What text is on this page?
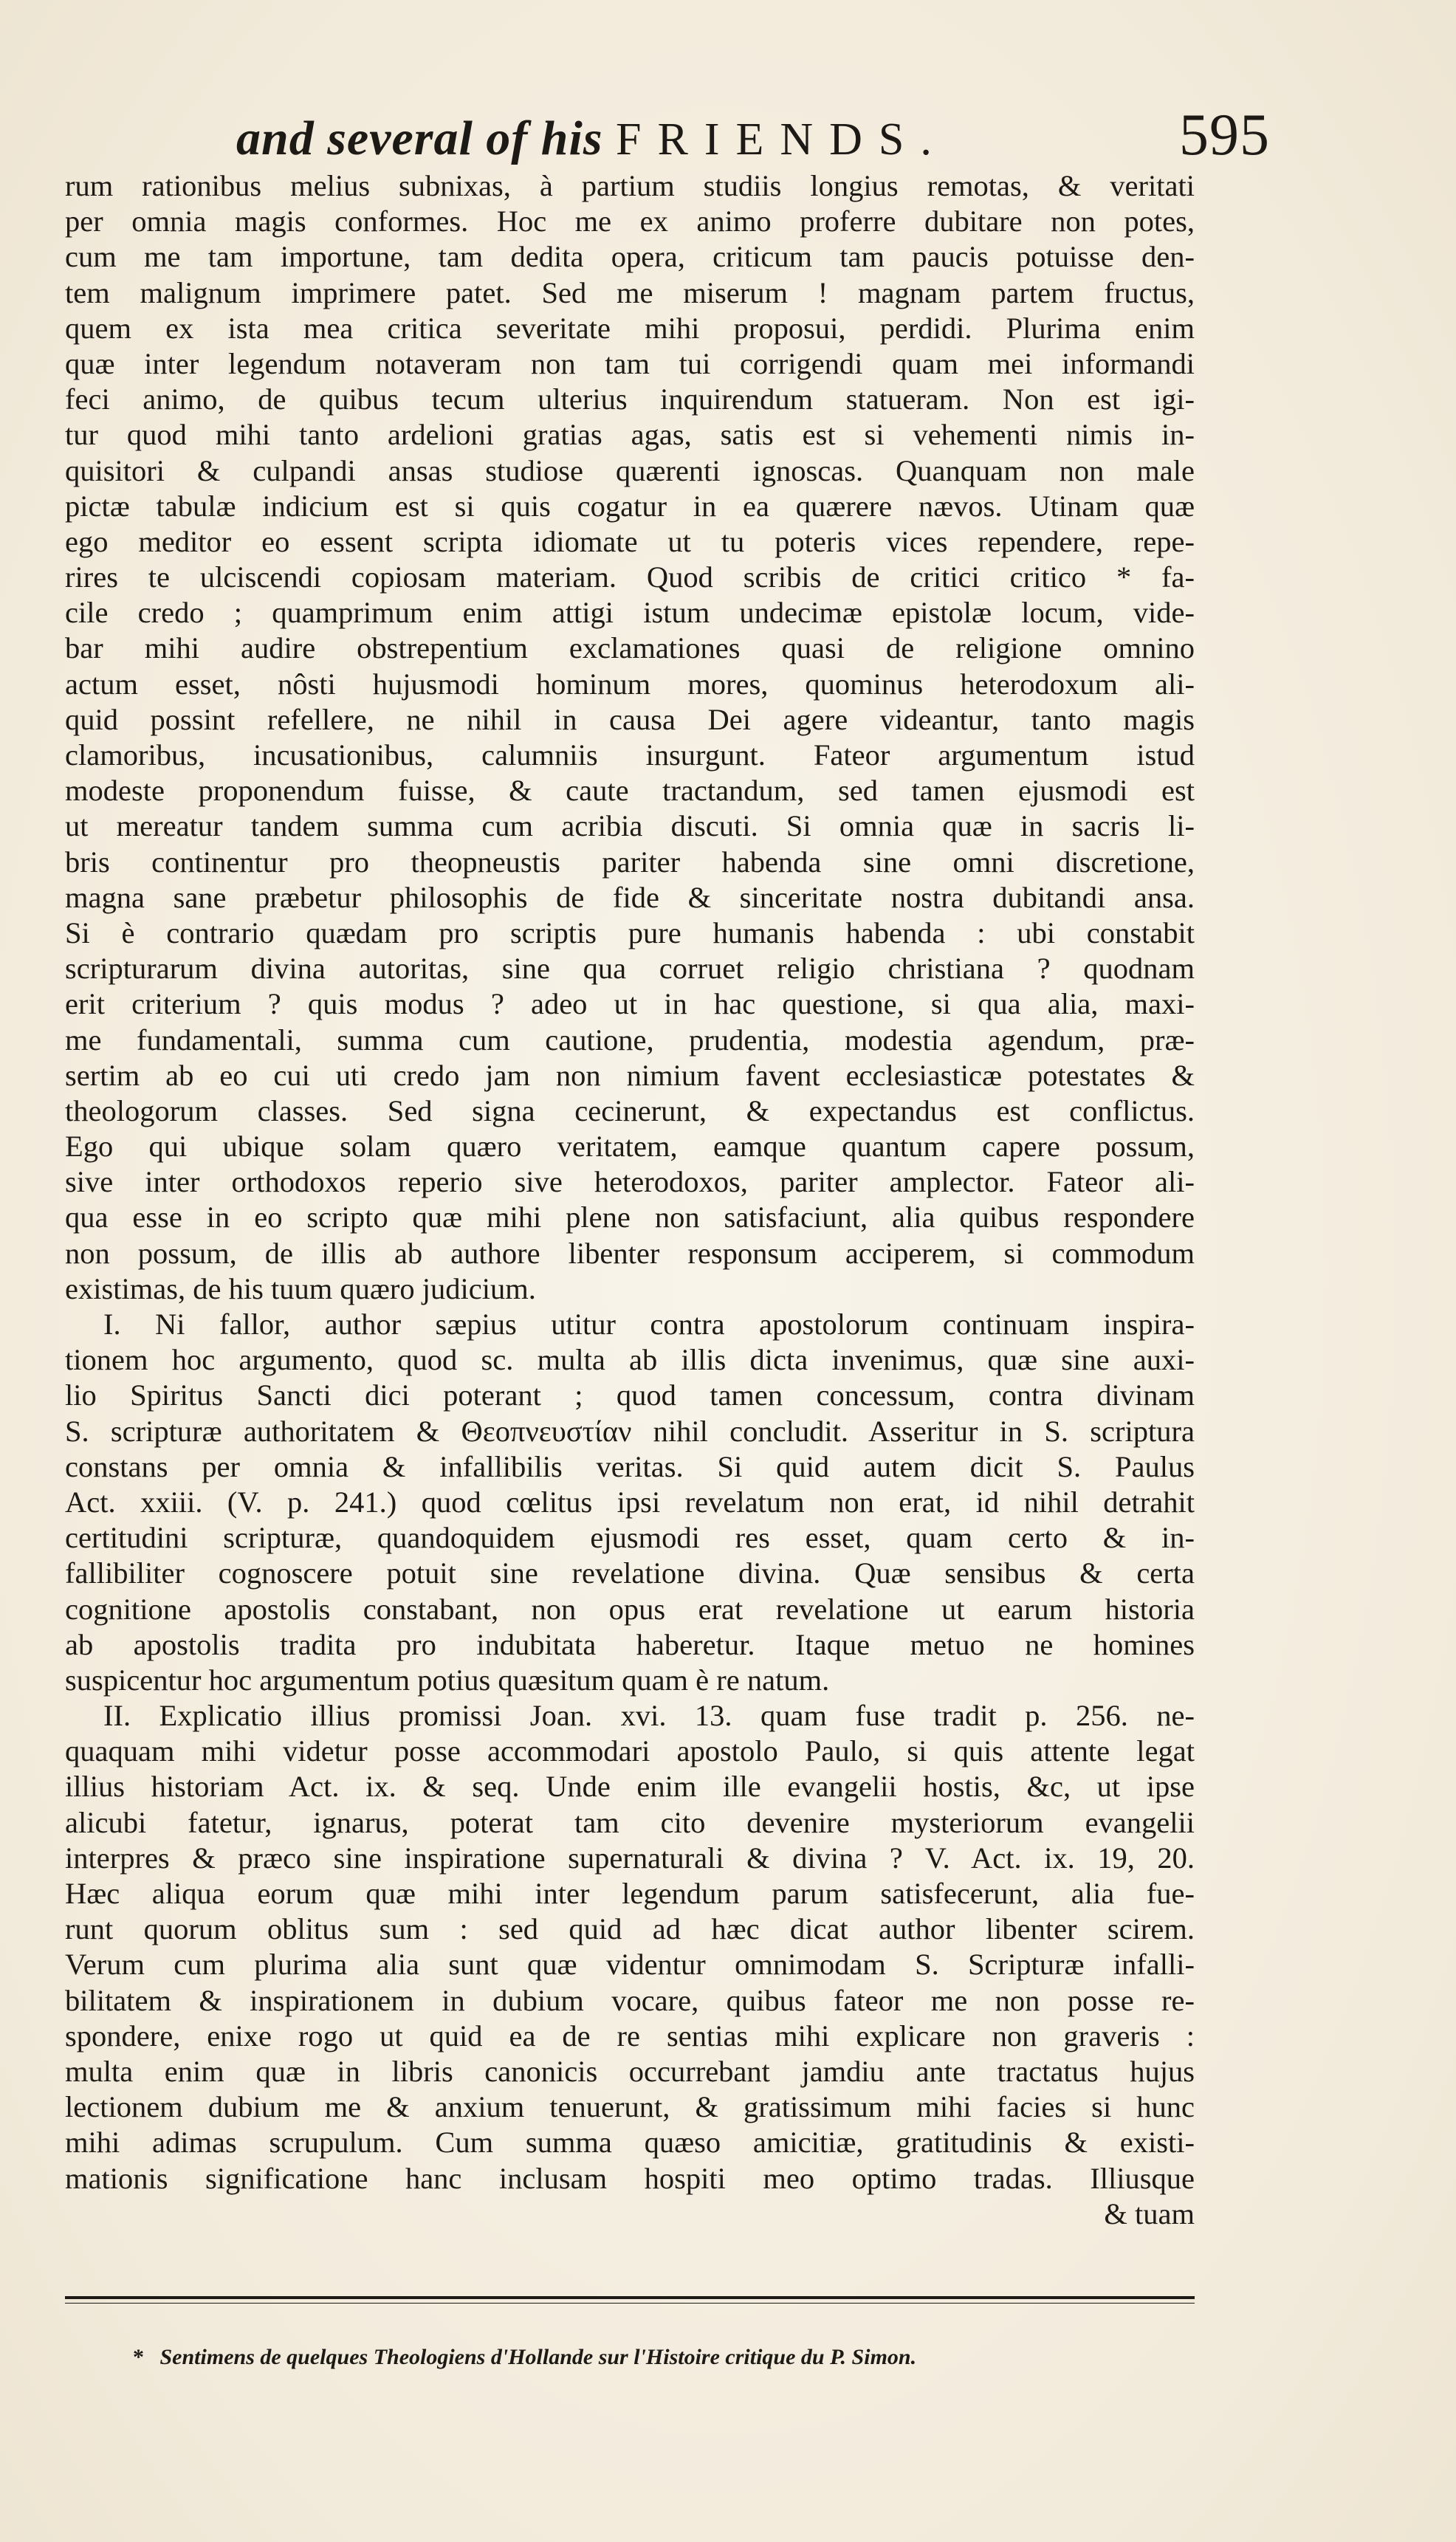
and several of his FRIENDS.	595
rum rationibus melius subnixas, à partium studiis longius remotas, & veritati
per omnia magis conformes. Hoc me ex animo proferre dubitare non potes,
cum me tam importune, tam dedita opera, criticum tam paucis potuisse den-
tem malignum imprimere patet. Sed me miserum ! magnam partem fructus,
quem ex ista mea critica severitate mihi proposui, perdidi. Plurima enim
quæ inter legendum notaveram non tam tui corrigendi quam mei informandi
feci animo, de quibus tecum ulterius inquirendum statueram. Non est igi-
tur quod mihi tanto ardelioni gratias agas, satis est si vehementi nimis in-
quisitori & culpandi ansas studiose quærenti ignoscas. Quanquam non male
pictæ tabulæ indicium est si quis cogatur in ea quærere nævos. Utinam quæ
ego meditor eo essent scripta idiomate ut tu poteris vices rependere, repe-
rires te ulciscendi copiosam materiam. Quod scribis de critici critico * fa-
cile credo ; quamprimum enim attigi istum undecimæ epistolæ locum, vide-
bar mihi audire obstrepentium exclamationes quasi de religione omnino
actum esset, nôsti hujusmodi hominum mores, quominus heterodoxum ali-
quid possint refellere, ne nihil in causa Dei agere videantur, tanto magis
clamoribus, incusationibus, calumniis insurgunt. Fateor argumentum istud
modeste proponendum fuisse, & caute tractandum, sed tamen ejusmodi est
ut mereatur tandem summa cum acribia discuti. Si omnia quæ in sacris li-
bris continentur pro theopneustis pariter habenda sine omni discretione,
magna sane præbetur philosophis de fide & sinceritate nostra dubitandi ansa.
Si è contrario quædam pro scriptis pure humanis habenda : ubi constabit
scripturarum divina autoritas, sine qua corruet religio christiana ? quodnam
erit criterium ? quis modus ? adeo ut in hac questione, si qua alia, maxi-
me fundamentali, summa cum cautione, prudentia, modestia agendum, præ-
sertim ab eo cui uti credo jam non nimium favent ecclesiasticæ potestates &
theologorum classes. Sed signa cecinerunt, & expectandus est conflictus.
Ego qui ubique solam quæro veritatem, eamque quantum capere possum,
sive inter orthodoxos reperio sive heterodoxos, pariter amplector. Fateor ali-
qua esse in eo scripto quæ mihi plene non satisfaciunt, alia quibus respondere
non possum, de illis ab authore libenter responsum acciperem, si commodum
existimas, de his tuum quæro judicium.
I. Ni fallor, author sæpius utitur contra apostolorum continuam inspira-
tionem hoc argumento, quod sc. multa ab illis dicta invenimus, quæ sine auxi-
lio Spiritus Sancti dici poterant ; quod tamen concessum, contra divinam
S. scripturæ authoritatem & Θεοπνευστίαν nihil concludit. Asseritur in S. scriptura
constans per omnia & infallibilis veritas. Si quid autem dicit S. Paulus
Act. xxiii. (V. p. 241.) quod cœlitus ipsi revelatum non erat, id nihil detrahit
certitudini scripturæ, quandoquidem ejusmodi res esset, quam certo & in-
fallibiliter cognoscere potuit sine revelatione divina. Quæ sensibus & certa
cognitione apostolis constabant, non opus erat revelatione ut earum historia
ab apostolis tradita pro indubitata haberetur. Itaque metuo ne homines
suspicentur hoc argumentum potius quæsitum quam è re natum.
II. Explicatio illius promissi Joan. xvi. 13. quam fuse tradit p. 256. ne-
quaquam mihi videtur posse accommodari apostolo Paulo, si quis attente legat
illius historiam Act. ix. & seq. Unde enim ille evangelii hostis, &c, ut ipse
alicubi fatetur, ignarus, poterat tam cito devenire mysteriorum evangelii
interpres & præco sine inspiratione supernaturali & divina ? V. Act. ix. 19, 20.
Hæc aliqua eorum quæ mihi inter legendum parum satisfecerunt, alia fue-
runt quorum oblitus sum : sed quid ad hæc dicat author libenter scirem.
Verum cum plurima alia sunt quæ videntur omnimodam S. Scripturæ infalli-
bilitatem & inspirationem in dubium vocare, quibus fateor me non posse re-
spondere, enixe rogo ut quid ea de re sentias mihi explicare non graveris :
multa enim quæ in libris canonicis occurrebant jamdiu ante tractatus hujus
lectionem dubium me & anxium tenuerunt, & gratissimum mihi facies si hunc
mihi adimas scrupulum. Cum summa quæso amicitiæ, gratitudinis & existi-
mationis significatione hanc inclusam hospiti meo optimo tradas. Illiusque
& tuam
* Sentimens de quelques Theologiens d'Hollande sur l'Histoire critique du P. Simon.
